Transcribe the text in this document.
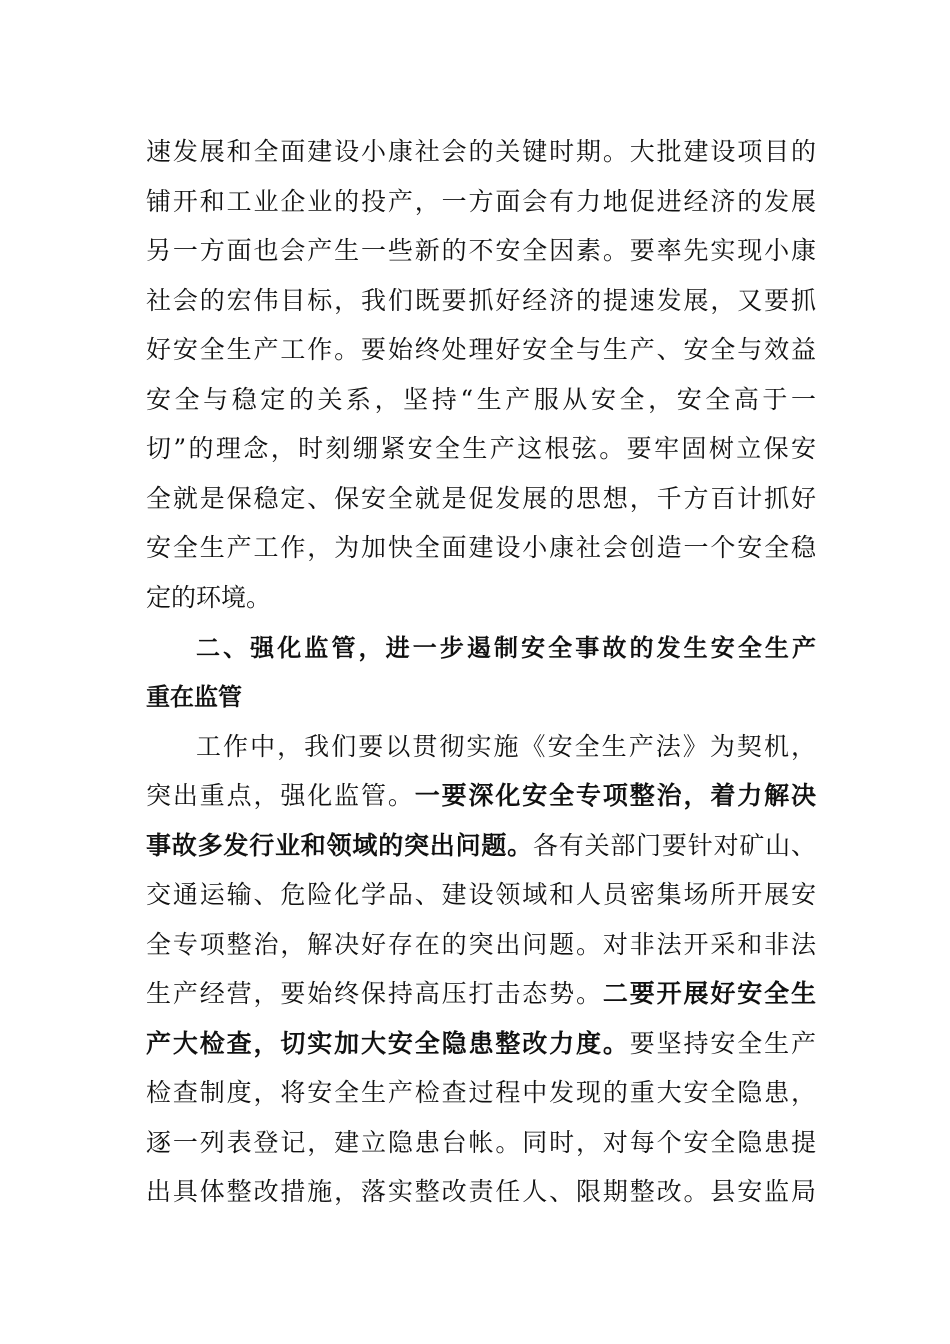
速发展和全面建设小康社会的关键时期。大批建设项目的
铺开和工业企业的投产，一方面会有力地促进经济的发展
另一方面也会产生一些新的不安全因素。要率先实现小康
社会的宏伟目标，我们既要抓好经济的提速发展，又要抓
好安全生产工作。要始终处理好安全与生产、安全与效益
安全与稳定的关系，坚持“生产服从安全，安全高于一
切”的理念，时刻绷紧安全生产这根弦。要牢固树立保安
全就是保稳定、保安全就是促发展的思想，千方百计抓好
安全生产工作，为加快全面建设小康社会创造一个安全稳
定的环境。
二、强化监管，进一步遏制安全事故的发生安全生产
重在监管
工作中，我们要以贯彻实施《安全生产法》为契机，
突出重点，强化监管。一要深化安全专项整治，着力解决
事故多发行业和领域的突出问题。各有关部门要针对矿山、
交通运输、危险化学品、建设领域和人员密集场所开展安
全专项整治，解决好存在的突出问题。对非法开采和非法
生产经营，要始终保持高压打击态势。二要开展好安全生
产大检查，切实加大安全隐患整改力度。要坚持安全生产
检查制度，将安全生产检查过程中发现的重大安全隐患，
逐一列表登记，建立隐患台帐。同时，对每个安全隐患提
出具体整改措施，落实整改责任人、限期整改。县安监局
